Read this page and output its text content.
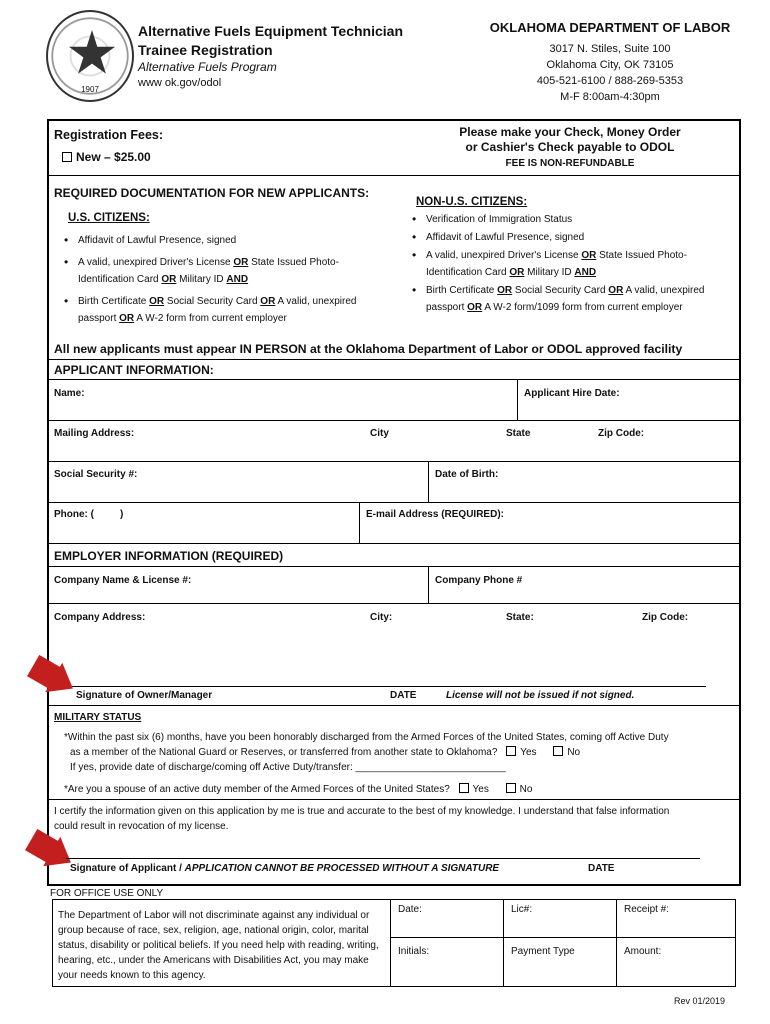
1907
Alternative Fuels Equipment Technician
Trainee Registration
Alternative Fuels Program
www ok.gov/odol
OKLAHOMA DEPARTMENT OF LABOR
3017 N. Stiles, Suite 100
Oklahoma City, OK 73105
405-521-6100 / 888-269-5353
M-F 8:00am-4:30pm
Registration Fees:
New – $25.00
Please make your Check, Money Order
or Cashier's Check payable to ODOL
FEE IS NON-REFUNDABLE
REQUIRED DOCUMENTATION FOR NEW APPLICANTS:
U.S. CITIZENS:
NON-U.S. CITIZENS:
• Affidavit of Lawful Presence, signed
• A valid, unexpired Driver's License OR State Issued Photo-Identification Card OR Military ID AND
• Birth Certificate OR Social Security Card OR A valid, unexpired passport OR A W-2 form from current employer
• Verification of Immigration Status
• Affidavit of Lawful Presence, signed
• A valid, unexpired Driver's License OR State Issued Photo-Identification Card OR Military ID AND
• Birth Certificate OR Social Security Card OR A valid, unexpired passport OR A W-2 form/1099 form from current employer
All new applicants must appear IN PERSON at the Oklahoma Department of Labor or ODOL approved facility
APPLICANT INFORMATION:
Name:	Applicant Hire Date:
Mailing Address:	City	State	Zip Code:
Social Security #:	Date of Birth:
Phone: (	)	E-mail Address (REQUIRED):
EMPLOYER INFORMATION (REQUIRED)
Company Name & License #:	Company Phone #
Company Address:	City:	State:	Zip Code:
Signature of Owner/Manager	DATE	License will not be issued if not signed.
MILITARY STATUS
*Within the past six (6) months, have you been honorably discharged from the Armed Forces of the United States, coming off Active Duty
as a member of the National Guard or Reserves, or transferred from another state to Oklahoma? Yes	No
If yes, provide date of discharge/coming off Active Duty/transfer: ___________________________
*Are you a spouse of an active duty member of the Armed Forces of the United States? Yes	No
I certify the information given on this application by me is true and accurate to the best of my knowledge. I understand that false information
could result in revocation of my license.
Signature of Applicant / APPLICATION CANNOT BE PROCESSED WITHOUT A SIGNATURE	DATE
FOR OFFICE USE ONLY
The Department of Labor will not discriminate against any individual or group because of race, sex, religion, age, national origin, color, marital status, disability or political beliefs. If you need help with reading, writing, hearing, etc., under the Americans with Disabilities Act, you may make your needs known to this agency.
Date:	Lic#:	Receipt #:
Initials:	Payment Type	Amount:
Rev 01/2019
